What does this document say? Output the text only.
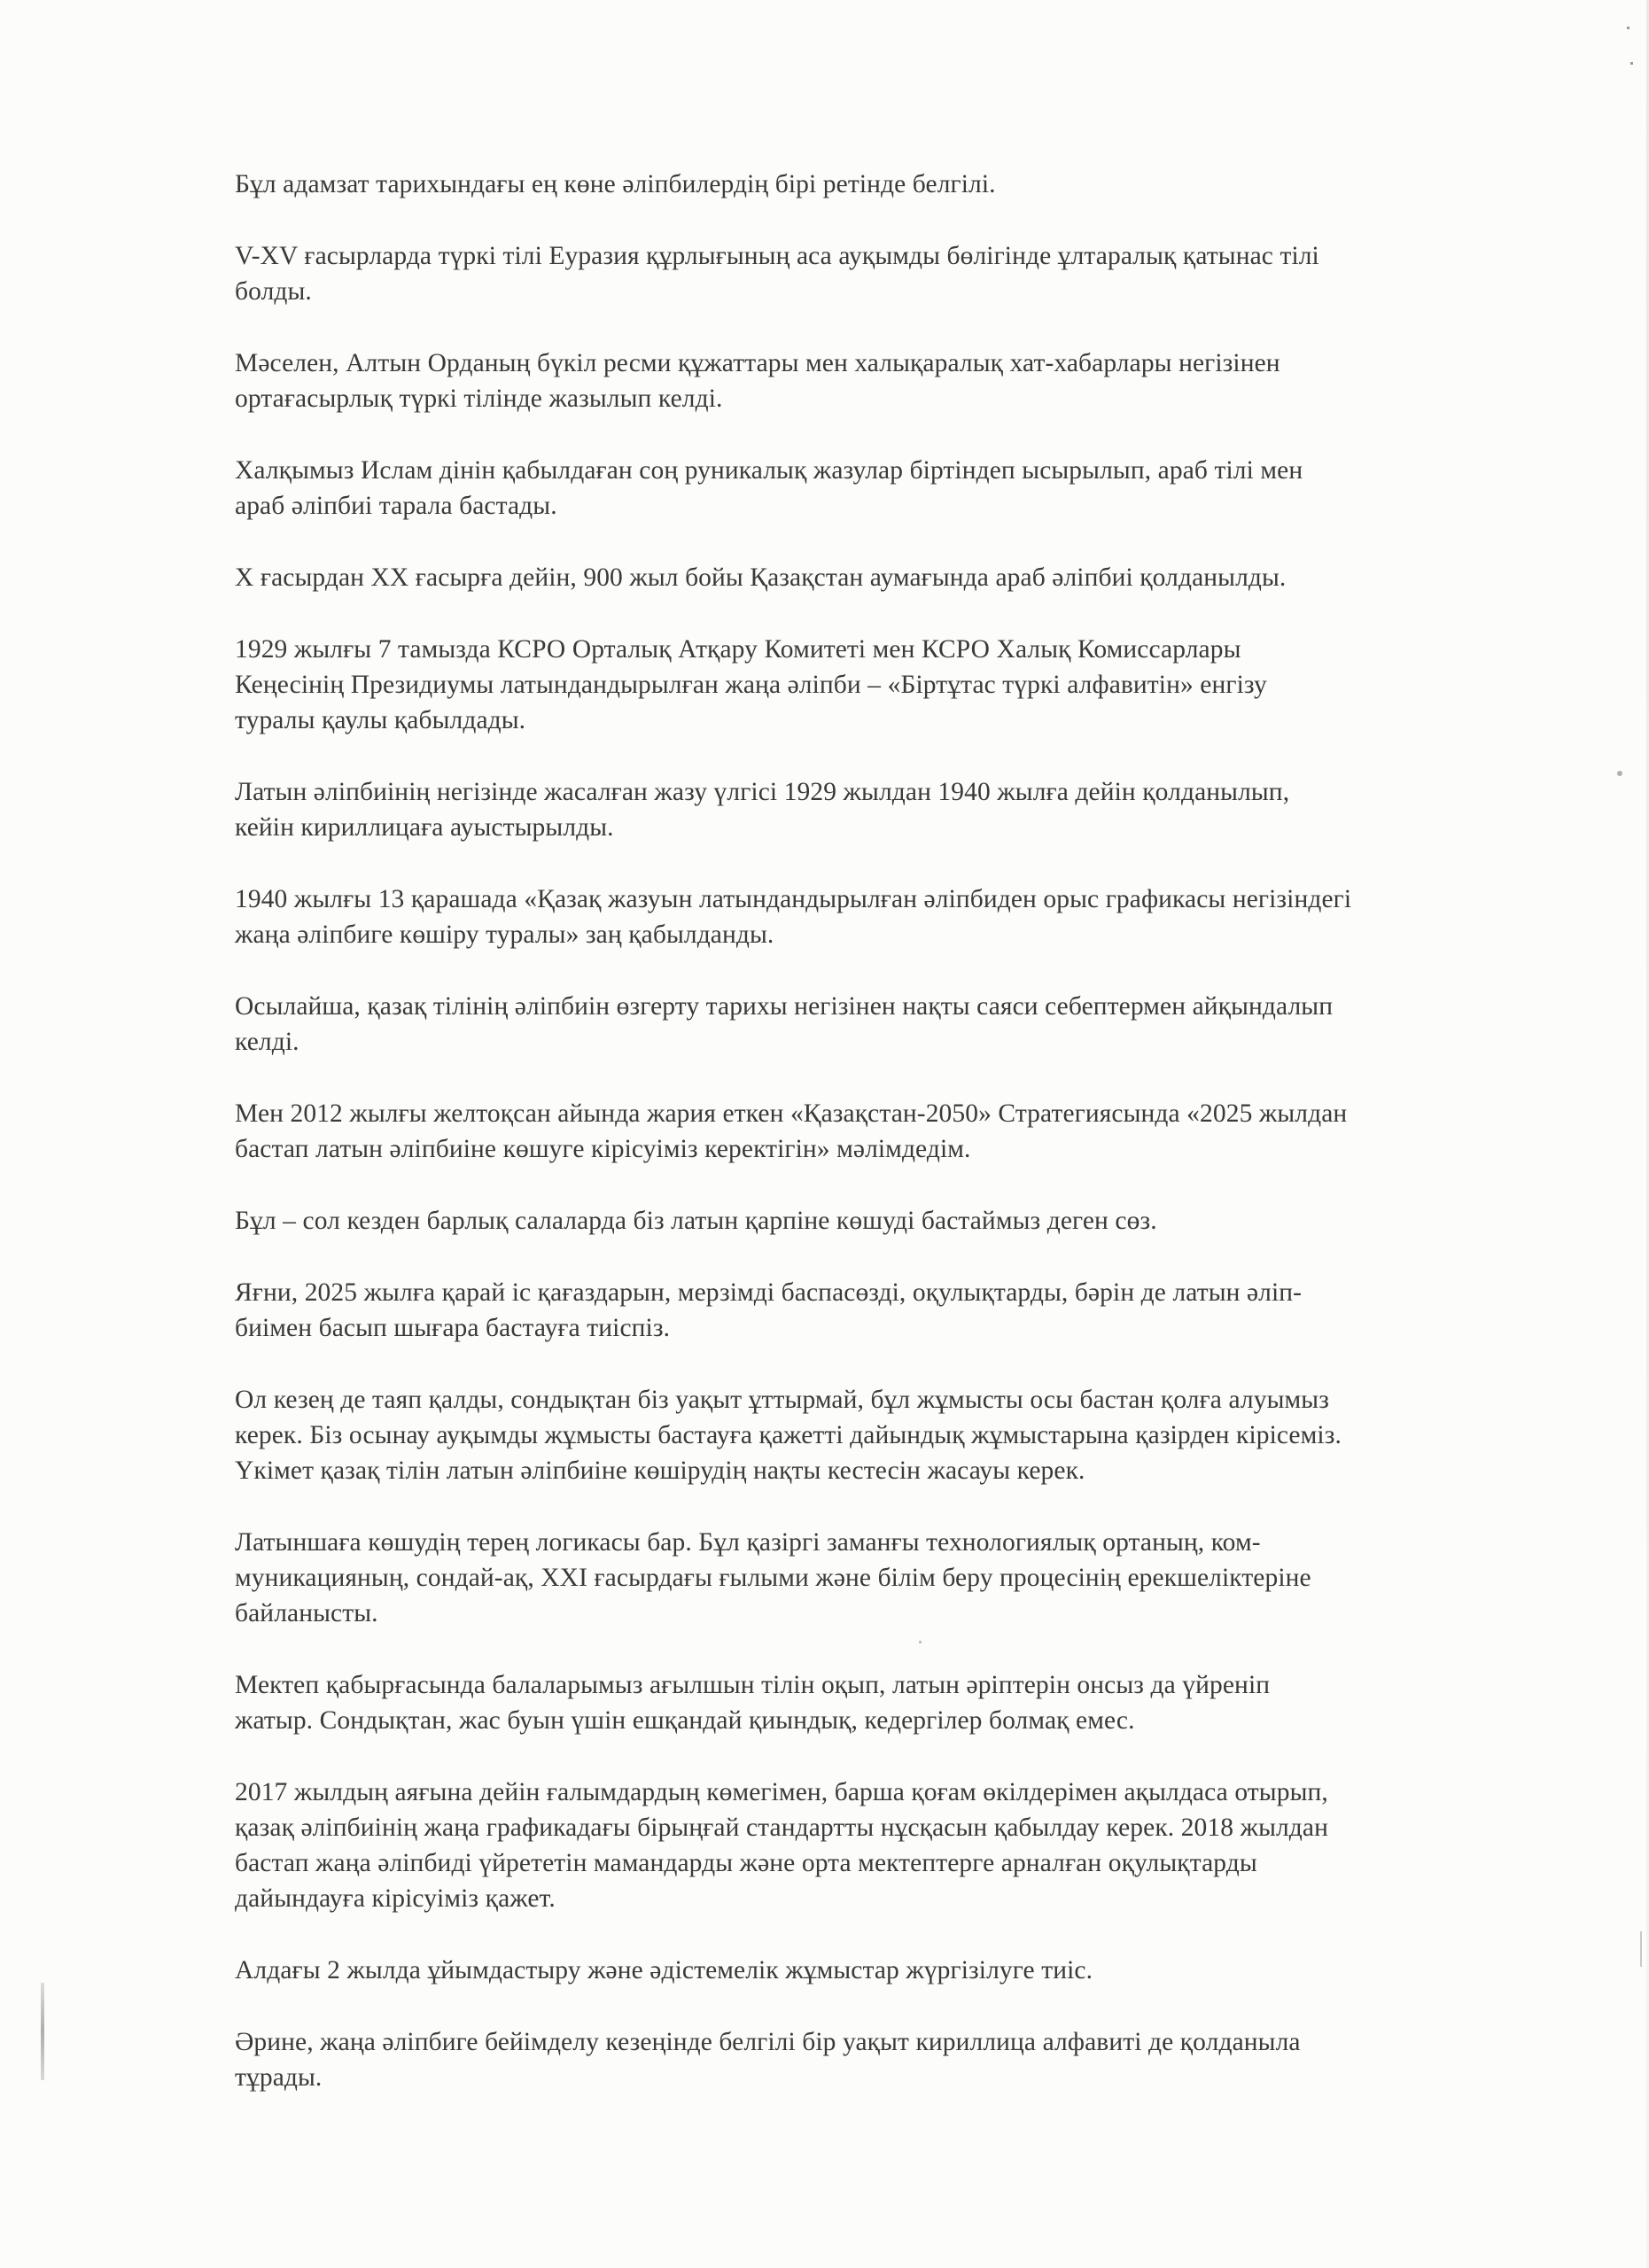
Бұл адамзат тарихындағы ең көне әліпбилердің бірі ретінде белгілі.

V-XV ғасырларда түркі тілі Еуразия құрлығының аса ауқымды бөлігінде ұлтаралық қатынас тілі
болды.

Мәселен, Алтын Орданың бүкіл ресми құжаттары мен халықаралық хат-хабарлары негізінен
ортағасырлық түркі тілінде жазылып келді.

Халқымыз Ислам дінін қабылдаған соң руникалық жазулар біртіндеп ысырылып, араб тілі мен
араб әліпбиі тарала бастады.

X ғасырдан XX ғасырға дейін, 900 жыл бойы Қазақстан аумағында араб әліпбиі қолданылды.

1929 жылғы 7 тамызда КСРО Орталық Атқару Комитеті мен КСРО Халық Комиссарлары
Кеңесінің Президиумы латындандырылған жаңа әліпби – «Біртұтас түркі алфавитін» енгізу
туралы қаулы қабылдады.

Латын әліпбиінің негізінде жасалған жазу үлгісі 1929 жылдан 1940 жылға дейін қолданылып,
кейін кириллицаға ауыстырылды.

1940 жылғы 13 қарашада «Қазақ жазуын латындандырылған әліпбиден орыс графикасы негізіндегі
жаңа әліпбиге көшіру туралы» заң қабылданды.

Осылайша, қазақ тілінің әліпбиін өзгерту тарихы негізінен нақты саяси себептермен айқындалып
келді.

Мен 2012 жылғы желтоқсан айында жария еткен «Қазақстан-2050» Стратегиясында «2025 жылдан
бастап латын әліпбиіне көшуге кірісуіміз керектігін» мәлімдедім.

Бұл – сол кезден барлық салаларда біз латын қарпіне көшуді бастаймыз деген сөз.

Яғни, 2025 жылға қарай іс қағаздарын, мерзімді баспасөзді, оқулықтарды, бәрін де латын әліп-
биімен басып шығара бастауға тиіспіз.

Ол кезең де таяп қалды, сондықтан біз уақыт ұттырмай, бұл жұмысты осы бастан қолға алуымыз
керек. Біз осынау ауқымды жұмысты бастауға қажетті дайындық жұмыстарына қазірден кірісеміз.
Үкімет қазақ тілін латын әліпбиіне көшірудің нақты кестесін жасауы керек.

Латыншаға көшудің терең логикасы бар. Бұл қазіргі заманғы технологиялық ортаның, ком-
муникацияның, сондай-ақ, XXI ғасырдағы ғылыми және білім беру процесінің ерекшеліктеріне
байланысты.

Мектеп қабырғасында балаларымыз ағылшын тілін оқып, латын әріптерін онсыз да үйреніп
жатыр. Сондықтан, жас буын үшін ешқандай қиындық, кедергілер болмақ емес.

2017 жылдың аяғына дейін ғалымдардың көмегімен, барша қоғам өкілдерімен ақылдаса отырып,
қазақ әліпбиінің жаңа графикадағы бірыңғай стандартты нұсқасын қабылдау керек. 2018 жылдан
бастап жаңа әліпбиді үйрететін мамандарды және орта мектептерге арналған оқулықтарды
дайындауға кірісуіміз қажет.

Алдағы 2 жылда ұйымдастыру және әдістемелік жұмыстар жүргізілуге тиіс.

Әрине, жаңа әліпбиге бейімделу кезеңінде белгілі бір уақыт кириллица алфавиті де қолданыла
тұрады.
